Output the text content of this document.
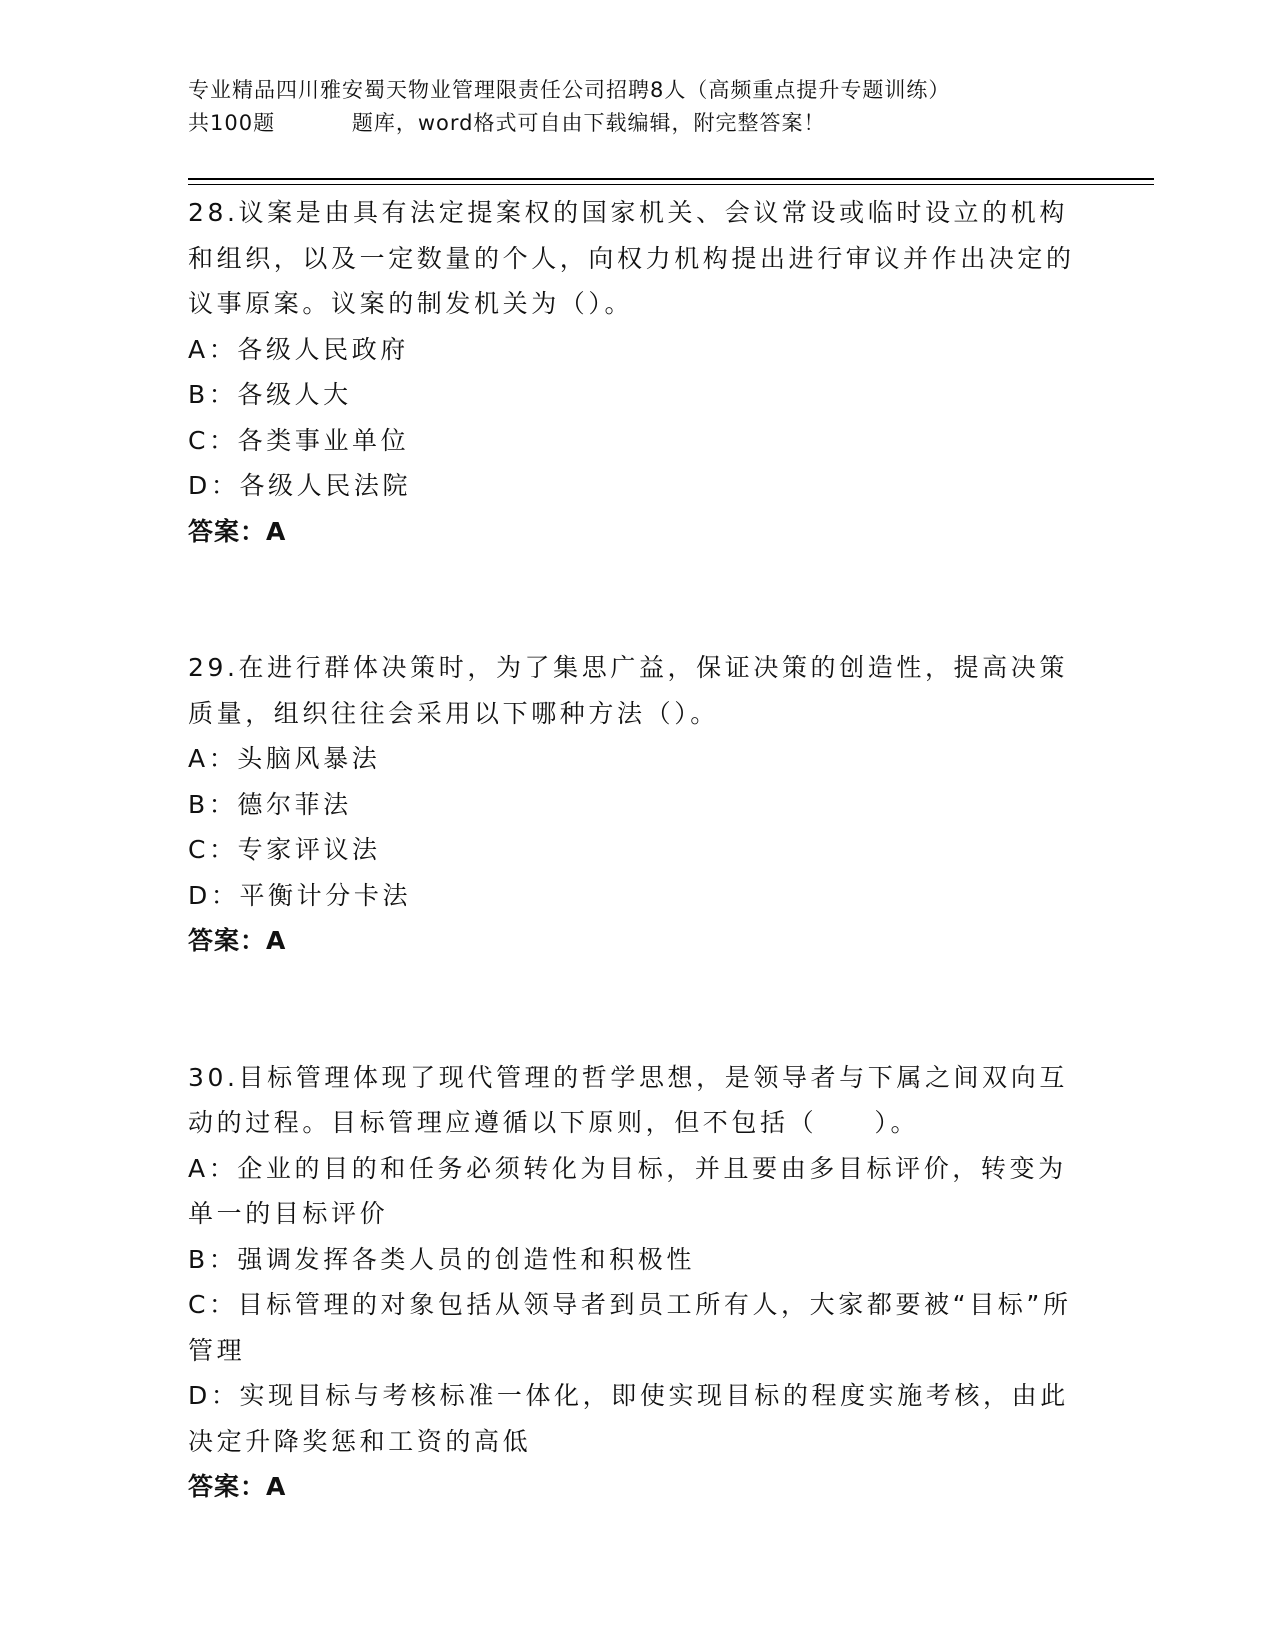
专业精品四川雅安蜀天物业管理限责任公司招聘8人（高频重点提升专题训练）
共100题	题库，word格式可自由下载编辑，附完整答案！

28.议案是由具有法定提案权的国家机关、会议常设或临时设立的机构和组织，以及一定数量的个人，向权力机构提出进行审议并作出决定的议事原案。议案的制发机关为（）。

A：各级人民政府

B：各级人大

C：各类事业单位

D：各级人民法院

答案：A

29.在进行群体决策时，为了集思广益，保证决策的创造性，提高决策质量，组织往往会采用以下哪种方法（）。

A：头脑风暴法

B：德尔菲法

C：专家评议法

D：平衡计分卡法

答案：A

30.目标管理体现了现代管理的哲学思想，是领导者与下属之间双向互动的过程。目标管理应遵循以下原则，但不包括（　　）。

A：企业的目的和任务必须转化为目标，并且要由多目标评价，转变为单一的目标评价

B：强调发挥各类人员的创造性和积极性

C：目标管理的对象包括从领导者到员工所有人，大家都要被“目标”所管理

D：实现目标与考核标准一体化，即使实现目标的程度实施考核，由此决定升降奖惩和工资的高低

答案：A
